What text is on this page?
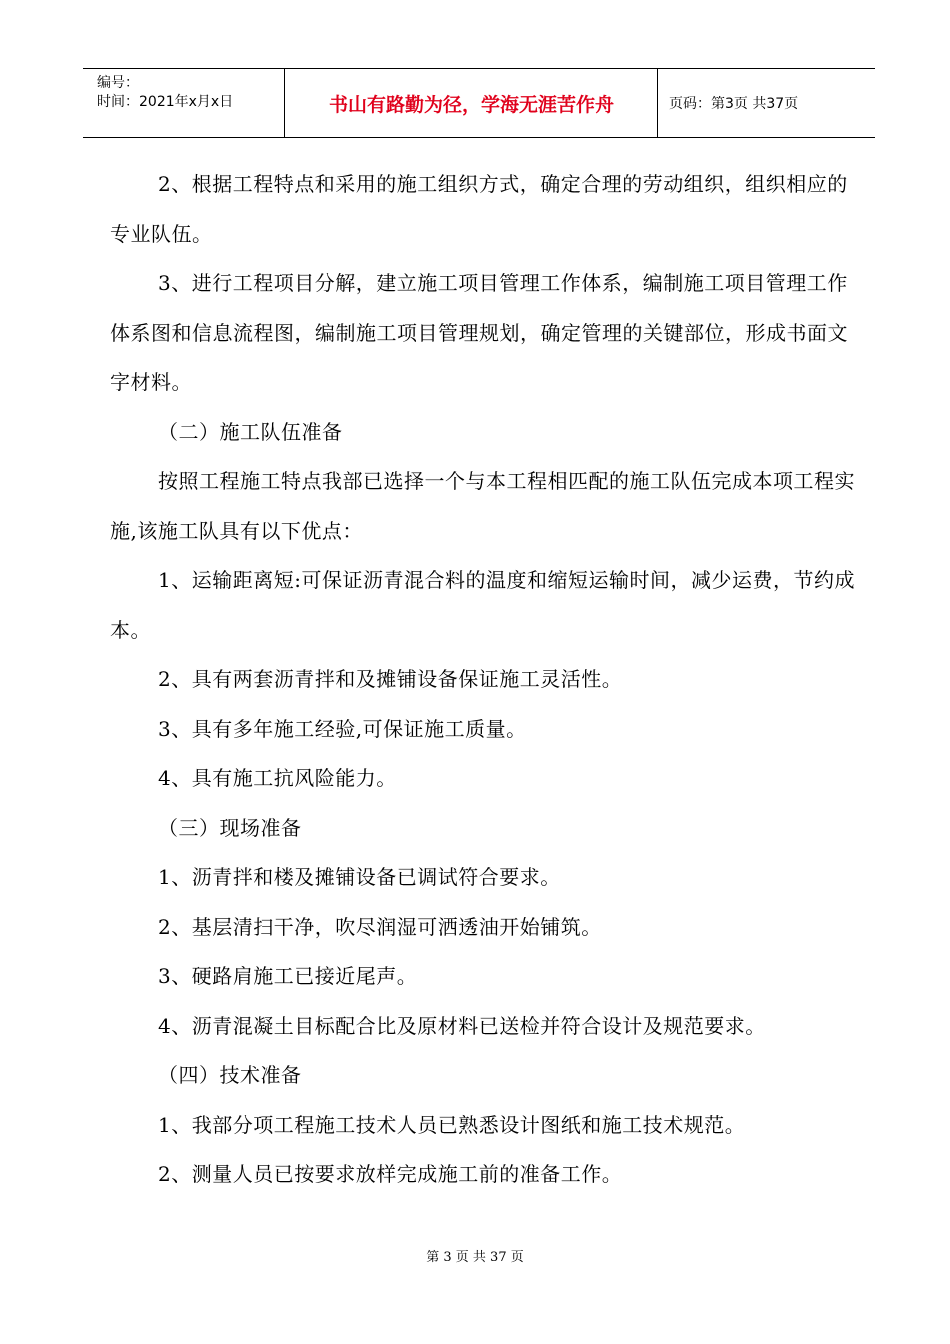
编号：
时间：2021年x月x日	书山有路勤为径，学海无涯苦作舟	页码：第3页 共37页

2、根据工程特点和采用的施工组织方式，确定合理的劳动组织，组织相应的专业队伍。

3、进行工程项目分解，建立施工项目管理工作体系，编制施工项目管理工作体系图和信息流程图，编制施工项目管理规划，确定管理的关键部位，形成书面文字材料。

（二）施工队伍准备

按照工程施工特点我部已选择一个与本工程相匹配的施工队伍完成本项工程实施,该施工队具有以下优点：

1、运输距离短:可保证沥青混合料的温度和缩短运输时间，减少运费，节约成本。

2、具有两套沥青拌和及摊铺设备保证施工灵活性。

3、具有多年施工经验,可保证施工质量。

4、具有施工抗风险能力。

（三）现场准备

1、沥青拌和楼及摊铺设备已调试符合要求。

2、基层清扫干净，吹尽润湿可洒透油开始铺筑。

3、硬路肩施工已接近尾声。

4、沥青混凝土目标配合比及原材料已送检并符合设计及规范要求。

（四）技术准备

1、我部分项工程施工技术人员已熟悉设计图纸和施工技术规范。

2、测量人员已按要求放样完成施工前的准备工作。

第 3 页 共 37 页
